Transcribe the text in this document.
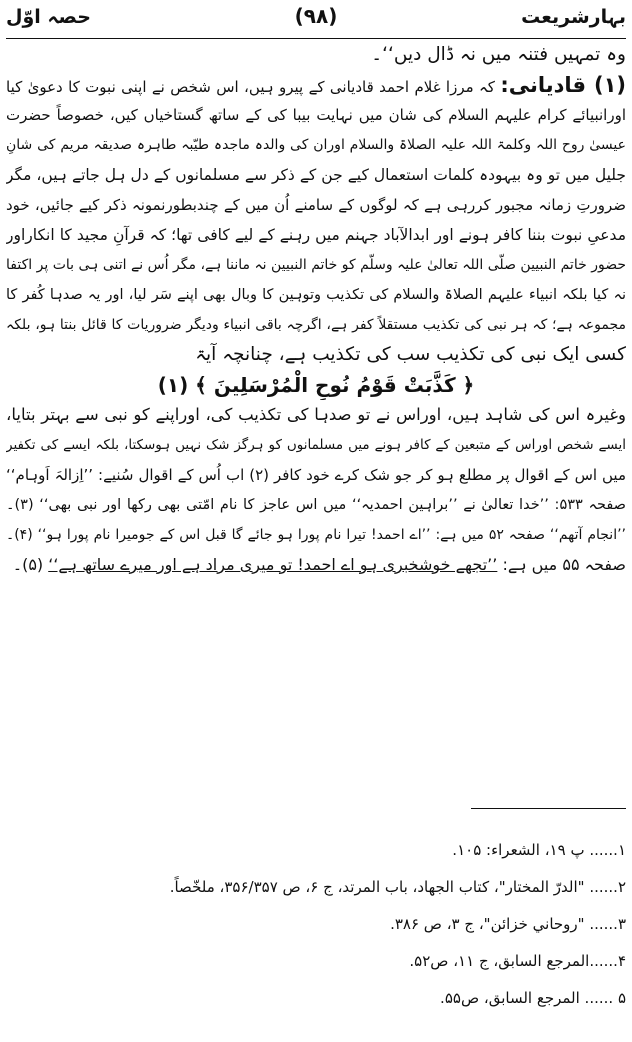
بہارشریعت
(۹۸)
حصہ اوّل
وہ تمہیں فتنہ میں نہ ڈال دیں‘‘۔
(۱) قادیانی: کہ مرزا غلام احمد قادیانی کے پیرو ہیں، اس شخص نے اپنی نبوت کا دعویٰ کیا
اورانبیائے کرام علیہم السلام کی شان میں نہایت بیبا کی کے ساتھ گستاخیاں کیں، خصوصاً حضرت
عیسیٰ روح اللہ وکلمۃ اللہ علیہ الصلاۃ والسلام اوران کی والدہ ماجدہ طیّبہ طاہرہ صدیقہ مریم کی شانِ
جلیل میں تو وہ بیہودہ کلمات استعمال کیے جن کے ذکر سے مسلمانوں کے دل ہل جاتے ہیں، مگر
ضرورتِ زمانہ مجبور کررہی ہے کہ لوگوں کے سامنے اُن میں کے چندبطورنمونہ ذکر کیے جائیں، خود
مدعیِ نبوت بننا کافر ہونے اور ابدالآباد جہنم میں رہنے کے لیے کافی تھا؛ کہ قرآنِ مجید کا انکاراور
حضور خاتم النبیین صلّی اللہ تعالیٰ علیہ وسلّم کو خاتم النبیین نہ ماننا ہے، مگر اُس نے اتنی ہی بات پر اکتفا
نہ کیا بلکہ انبیاء علیہم الصلاۃ والسلام کی تکذیب وتوہین کا وبال بھی اپنے سَر لیا، اور یہ صدہا کُفر کا
مجموعہ ہے؛ کہ ہر نبی کی تکذیب مستقلاً کفر ہے، اگرچہ باقی انبیاء ودیگر ضروریات کا قائل بنتا ہو، بلکہ
کسی ایک نبی کی تکذیب سب کی تکذیب ہے، چنانچہ آیۃ
﴿ كَذَّبَتْ قَوْمُ نُوحِ الْمُرْسَلِينَ ﴾ (۱)
وغیرہ اس کی شاہد ہیں، اوراس نے تو صدہا کی تکذیب کی، اوراپنے کو نبی سے بہتر بتایا،
ایسے شخص اوراس کے متبعین کے کافر ہونے میں مسلمانوں کو ہرگز شک نہیں ہوسکتا، بلکہ ایسے کی تکفیر
میں اس کے اقوال پر مطلع ہو کر جو شک کرے خود کافر (۲) اب اُس کے اقوال سُنیے: ’’اِزالہَ اَوہام‘‘
صفحہ ۵۳۳: ’’خدا تعالیٰ نے ’’براہین احمدیہ‘‘ میں اس عاجز کا نام امّتی بھی رکھا اور نبی بھی‘‘ (۳)۔
’’انجام آتھم‘‘ صفحہ ۵۲ میں ہے: ’’اے احمد! تیرا نام پورا ہو جائے گا قبل اس کے جومیرا نام پورا ہو‘‘ (۴)۔
صفحہ ۵۵ میں ہے: ’’تجھے خوشخبری ہو اے احمد! تو میری مراد ہے اور میرے ساتھ ہے‘‘ (۵)۔
۱...... پ ۱۹، الشعراء: ۱۰۵.
۲...... "الدرّ المختار"، كتاب الجهاد، باب المرتد، ج ۶، ص ۳۵۶/۳۵۷، ملخّصاً.
۳...... "روحاني خزائن"، ج ۳، ص ۳۸۶.
۴......المرجع السابق، ج ۱۱، ص۵۲.
۵ ...... المرجع السابق، ص۵۵.
